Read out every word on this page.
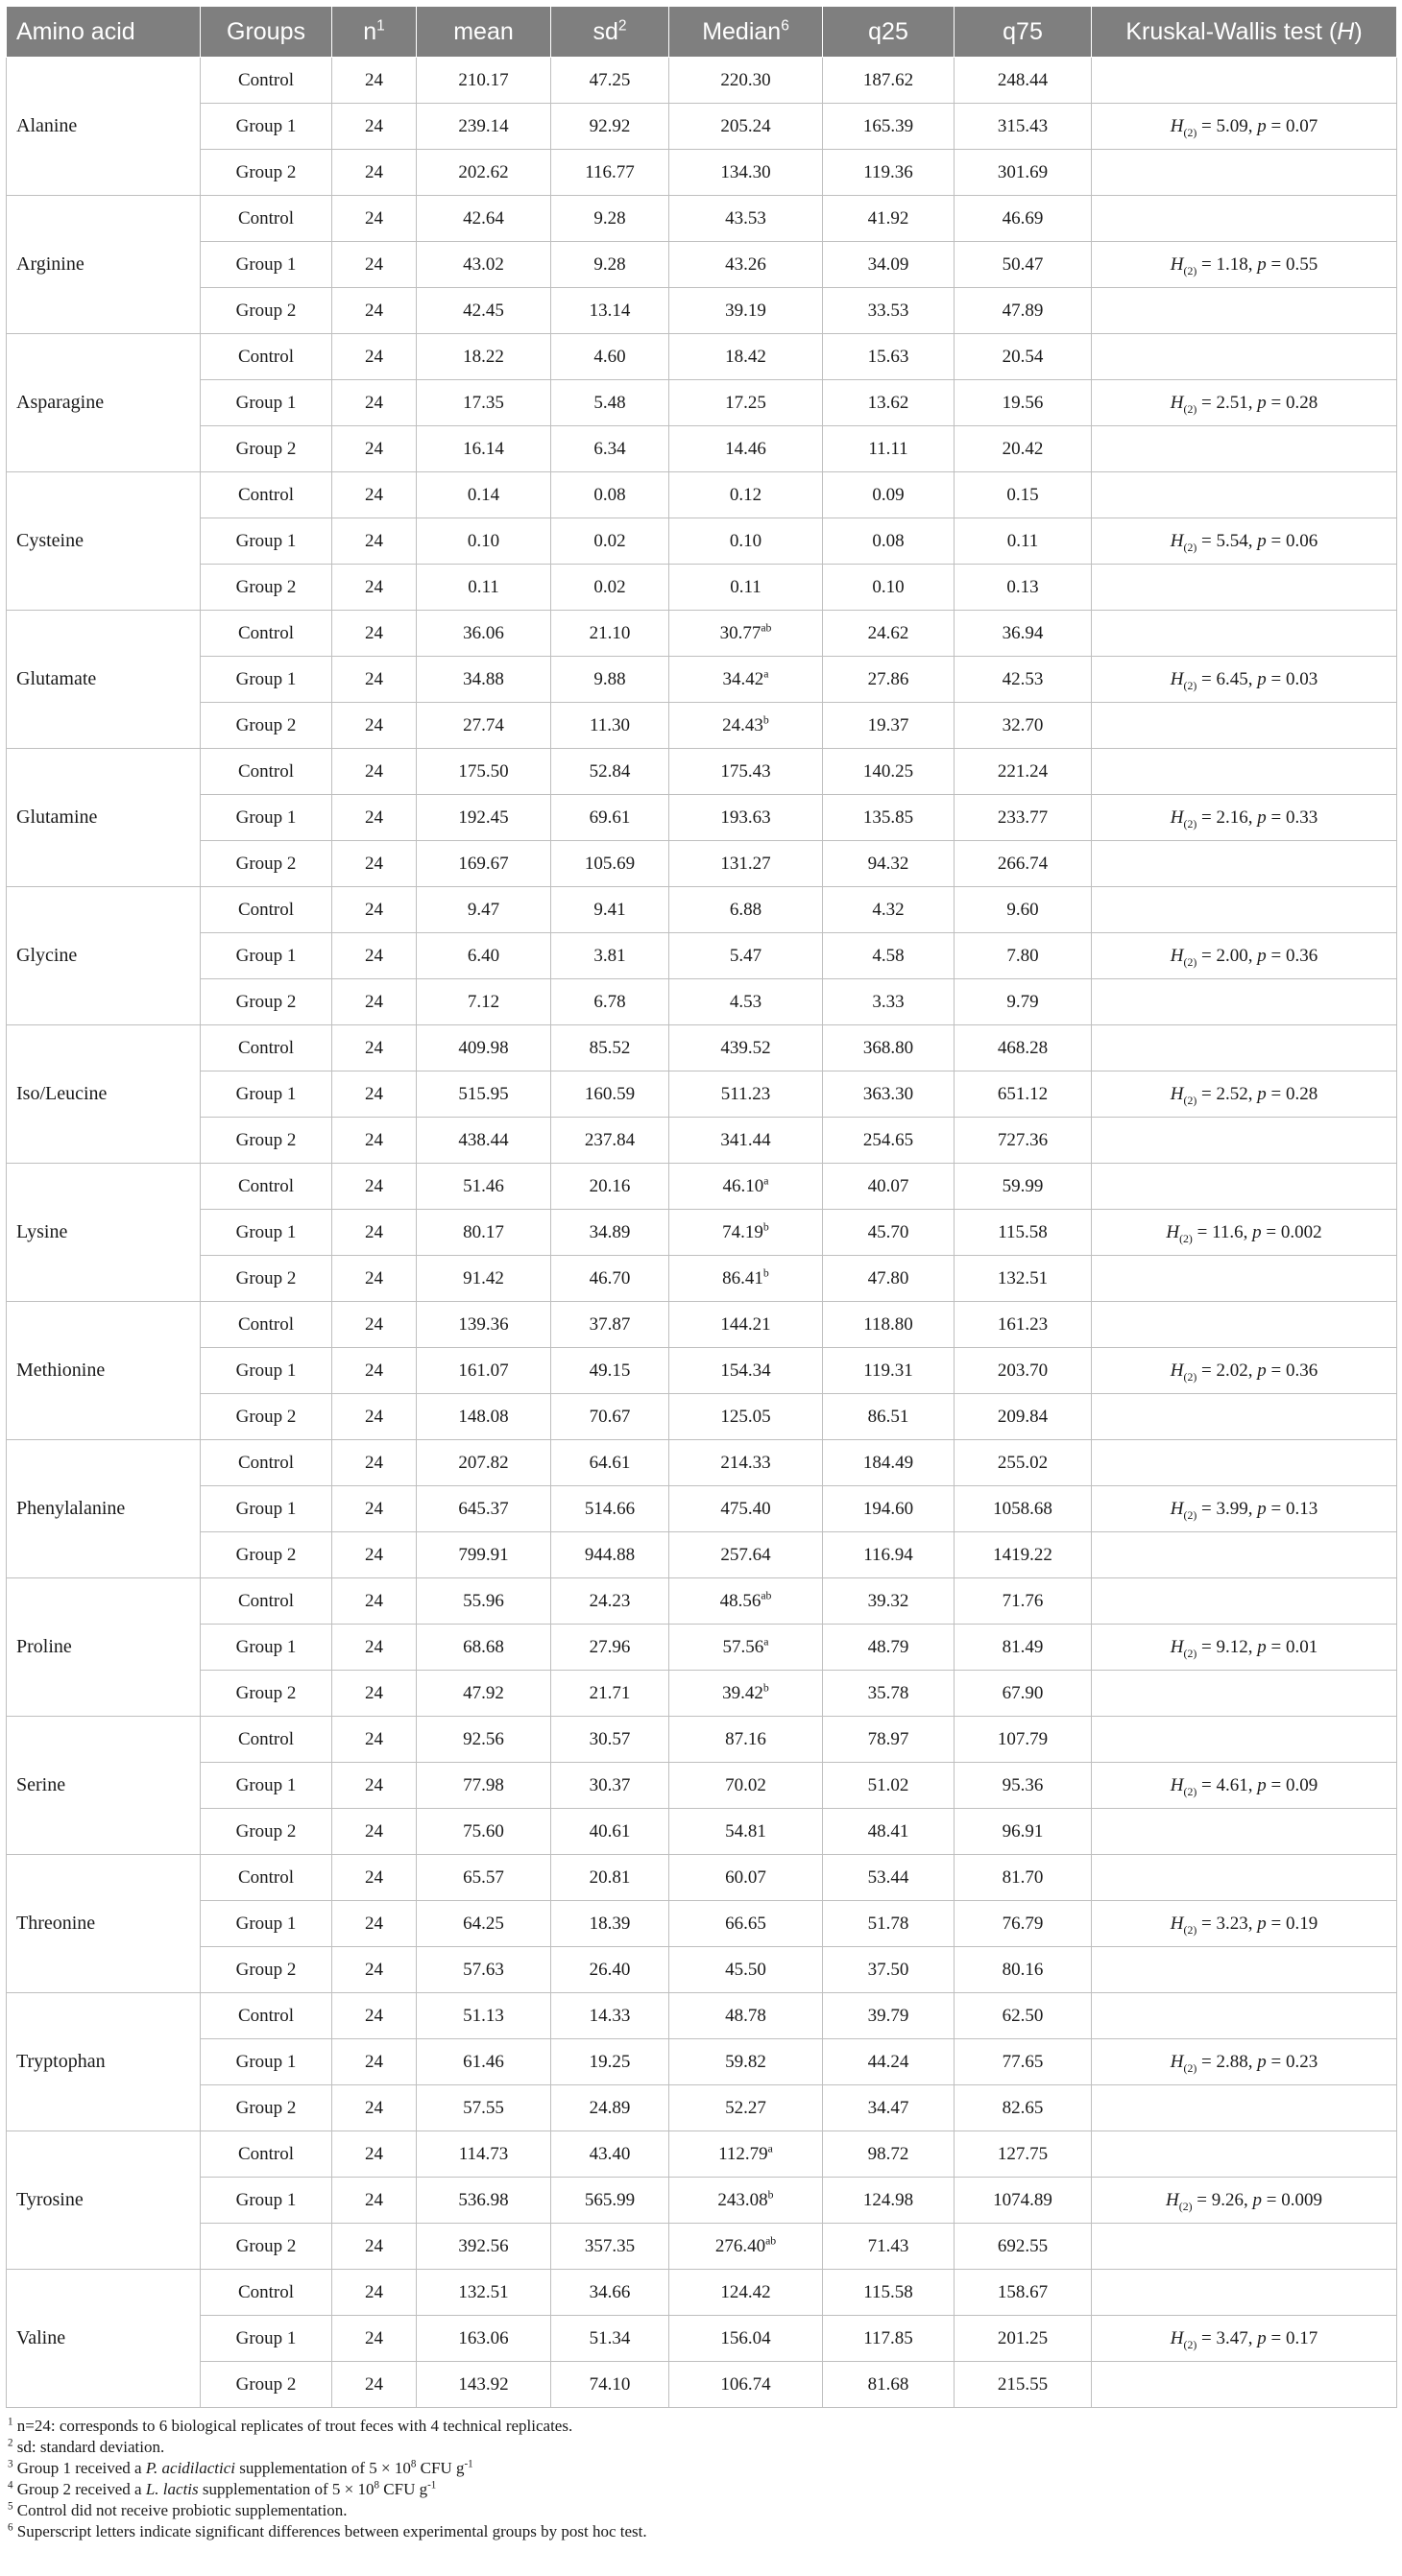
Amino acid	Groups	$n^1$	mean	$sd^2$	Median$^6$	q25	q75	Kruskal-Wallis test (H)
Alanine	Control	24	210.17	47.25	220.30	187.62	248.44	
	Group 1	24	239.14	92.92	205.24	165.39	315.43	$H_{(2)} = 5.09$, p = 0.07
	Group 2	24	202.62	116.77	134.30	119.36	301.69	
Arginine	Control	24	42.64	9.28	43.53	41.92	46.69	
	Group 1	24	43.02	9.28	43.26	34.09	50.47	$H_{(2)} = 1.18$, p = 0.55
	Group 2	24	42.45	13.14	39.19	33.53	47.89	
Asparagine	Control	24	18.22	4.60	18.42	15.63	20.54	
	Group 1	24	17.35	5.48	17.25	13.62	19.56	$H_{(2)} = 2.51$, p = 0.28
	Group 2	24	16.14	6.34	14.46	11.11	20.42	
Cysteine	Control	24	0.14	0.08	0.12	0.09	0.15	
	Group 1	24	0.10	0.02	0.10	0.08	0.11	$H_{(2)} = 5.54$, p = 0.06
	Group 2	24	0.11	0.02	0.11	0.10	0.13	
Glutamate	Control	24	36.06	21.10	30.77$^{ab}$	24.62	36.94	
	Group 1	24	34.88	9.88	34.42$^a$	27.86	42.53	$H_{(2)} = 6.45$, p = 0.03
	Group 2	24	27.74	11.30	24.43$^b$	19.37	32.70	
Glutamine	Control	24	175.50	52.84	175.43	140.25	221.24	
	Group 1	24	192.45	69.61	193.63	135.85	233.77	$H_{(2)} = 2.16$, p = 0.33
	Group 2	24	169.67	105.69	131.27	94.32	266.74	
Glycine	Control	24	9.47	9.41	6.88	4.32	9.60	
	Group 1	24	6.40	3.81	5.47	4.58	7.80	$H_{(2)} = 2.00$, p = 0.36
	Group 2	24	7.12	6.78	4.53	3.33	9.79	
Iso/Leucine	Control	24	409.98	85.52	439.52	368.80	468.28	
	Group 1	24	515.95	160.59	511.23	363.30	651.12	$H_{(2)} = 2.52$, p = 0.28
	Group 2	24	438.44	237.84	341.44	254.65	727.36	
Lysine	Control	24	51.46	20.16	46.10$^a$	40.07	59.99	
	Group 1	24	80.17	34.89	74.19$^b$	45.70	115.58	$H_{(2)} = 11.6$, p = 0.002
	Group 2	24	91.42	46.70	86.41$^b$	47.80	132.51	
Methionine	Control	24	139.36	37.87	144.21	118.80	161.23	
	Group 1	24	161.07	49.15	154.34	119.31	203.70	$H_{(2)} = 2.02$, p = 0.36
	Group 2	24	148.08	70.67	125.05	86.51	209.84	
Phenylalanine	Control	24	207.82	64.61	214.33	184.49	255.02	
	Group 1	24	645.37	514.66	475.40	194.60	1058.68	$H_{(2)} = 3.99$, p = 0.13
	Group 2	24	799.91	944.88	257.64	116.94	1419.22	
Proline	Control	24	55.96	24.23	48.56$^{ab}$	39.32	71.76	
	Group 1	24	68.68	27.96	57.56$^a$	48.79	81.49	$H_{(2)} = 9.12$, p = 0.01
	Group 2	24	47.92	21.71	39.42$^b$	35.78	67.90	
Serine	Control	24	92.56	30.57	87.16	78.97	107.79	
	Group 1	24	77.98	30.37	70.02	51.02	95.36	$H_{(2)} = 4.61$, p = 0.09
	Group 2	24	75.60	40.61	54.81	48.41	96.91	
Threonine	Control	24	65.57	20.81	60.07	53.44	81.70	
	Group 1	24	64.25	18.39	66.65	51.78	76.79	$H_{(2)} = 3.23$, p = 0.19
	Group 2	24	57.63	26.40	45.50	37.50	80.16	
Tryptophan	Control	24	51.13	14.33	48.78	39.79	62.50	
	Group 1	24	61.46	19.25	59.82	44.24	77.65	$H_{(2)} = 2.88$, p = 0.23
	Group 2	24	57.55	24.89	52.27	34.47	82.65	
Tyrosine	Control	24	114.73	43.40	112.79$^a$	98.72	127.75	
	Group 1	24	536.98	565.99	243.08$^b$	124.98	1074.89	$H_{(2)} = 9.26$, p = 0.009
	Group 2	24	392.56	357.35	276.40$^{ab}$	71.43	692.55	
Valine	Control	24	132.51	34.66	124.42	115.58	158.67	
	Group 1	24	163.06	51.34	156.04	117.85	201.25	$H_{(2)} = 3.47$, p = 0.17
	Group 2	24	143.92	74.10	106.74	81.68	215.55	
$^1$ n=24: corresponds to 6 biological replicates of trout feces with 4 technical replicates.
$^2$ sd: standard deviation.
$^3$ Group 1 received a P. acidilactici supplementation of $5 \times 10^8$ CFU $g^{-1}$
$^4$ Group 2 received a L. lactis supplementation of $5 \times 10^8$ CFU $g^{-1}$
$^5$ Control did not receive probiotic supplementation.
$^6$ Superscript letters indicate significant differences between experimental groups by post hoc test.
